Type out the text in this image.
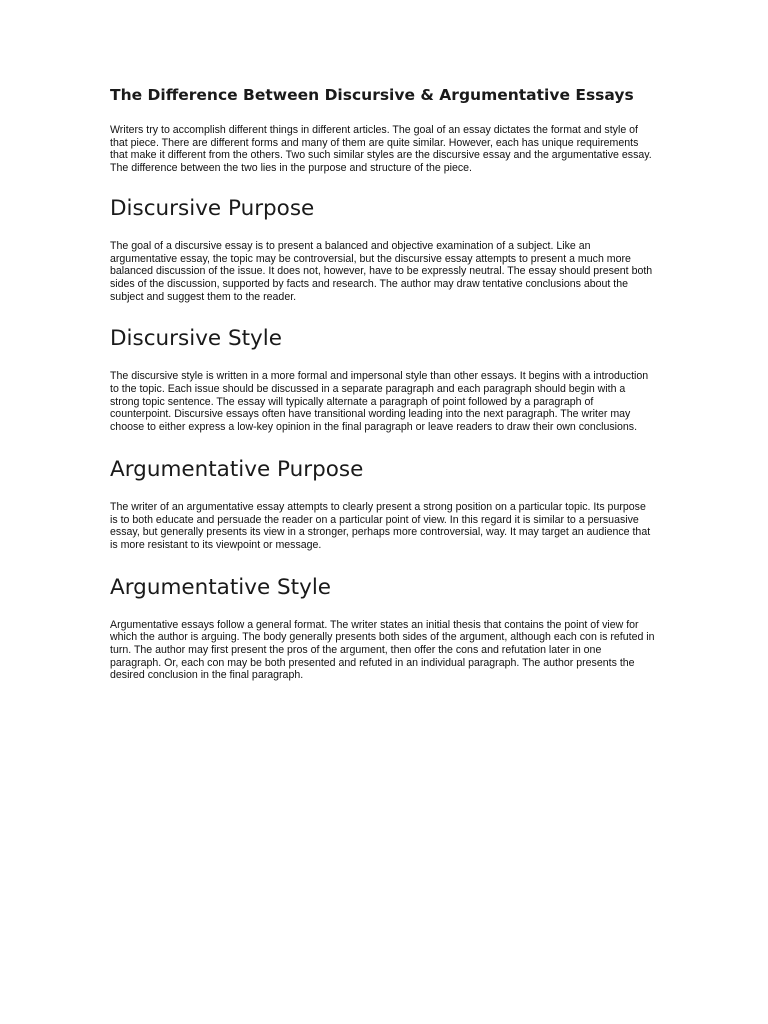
The Difference Between Discursive & Argumentative Essays

Writers try to accomplish different things in different articles. The goal of an essay dictates the format and style of that piece. There are different forms and many of them are quite similar. However, each has unique requirements that make it different from the others. Two such similar styles are the discursive essay and the argumentative essay. The difference between the two lies in the purpose and structure of the piece.

Discursive Purpose

The goal of a discursive essay is to present a balanced and objective examination of a subject. Like an argumentative essay, the topic may be controversial, but the discursive essay attempts to present a much more balanced discussion of the issue. It does not, however, have to be expressly neutral. The essay should present both sides of the discussion, supported by facts and research. The author may draw tentative conclusions about the subject and suggest them to the reader.

Discursive Style

The discursive style is written in a more formal and impersonal style than other essays. It begins with a introduction to the topic. Each issue should be discussed in a separate paragraph and each paragraph should begin with a strong topic sentence. The essay will typically alternate a paragraph of point followed by a paragraph of counterpoint. Discursive essays often have transitional wording leading into the next paragraph. The writer may choose to either express a low-key opinion in the final paragraph or leave readers to draw their own conclusions.

Argumentative Purpose

The writer of an argumentative essay attempts to clearly present a strong position on a particular topic. Its purpose is to both educate and persuade the reader on a particular point of view. In this regard it is similar to a persuasive essay, but generally presents its view in a stronger, perhaps more controversial, way. It may target an audience that is more resistant to its viewpoint or message.

Argumentative Style

Argumentative essays follow a general format. The writer states an initial thesis that contains the point of view for which the author is arguing. The body generally presents both sides of the argument, although each con is refuted in turn. The author may first present the pros of the argument, then offer the cons and refutation later in one paragraph. Or, each con may be both presented and refuted in an individual paragraph. The author presents the desired conclusion in the final paragraph.
